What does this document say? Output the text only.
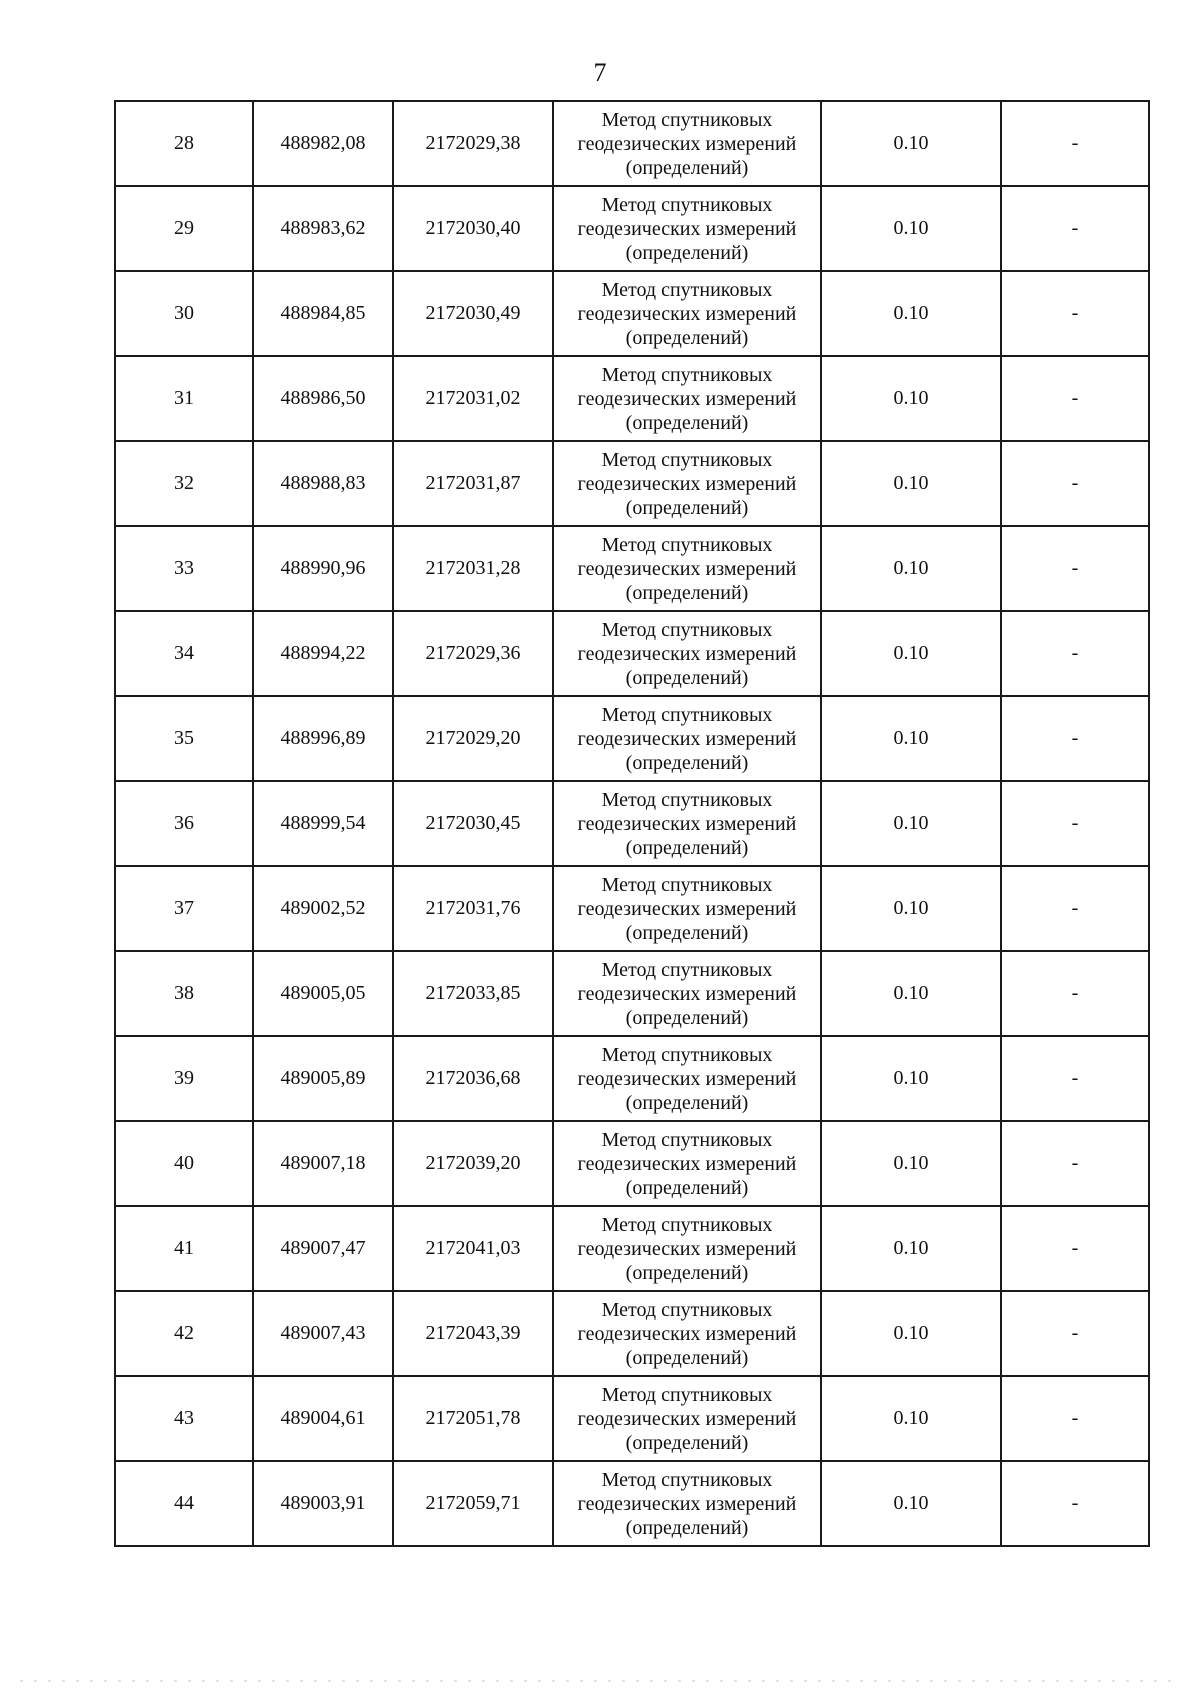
7
28	488982,08	2172029,38	Метод спутниковых
геодезических измерений
(определений)	0.10	-
29	488983,62	2172030,40	Метод спутниковых
геодезических измерений
(определений)	0.10	-
30	488984,85	2172030,49	Метод спутниковых
геодезических измерений
(определений)	0.10	-
31	488986,50	2172031,02	Метод спутниковых
геодезических измерений
(определений)	0.10	-
32	488988,83	2172031,87	Метод спутниковых
геодезических измерений
(определений)	0.10	-
33	488990,96	2172031,28	Метод спутниковых
геодезических измерений
(определений)	0.10	-
34	488994,22	2172029,36	Метод спутниковых
геодезических измерений
(определений)	0.10	-
35	488996,89	2172029,20	Метод спутниковых
геодезических измерений
(определений)	0.10	-
36	488999,54	2172030,45	Метод спутниковых
геодезических измерений
(определений)	0.10	-
37	489002,52	2172031,76	Метод спутниковых
геодезических измерений
(определений)	0.10	-
38	489005,05	2172033,85	Метод спутниковых
геодезических измерений
(определений)	0.10	-
39	489005,89	2172036,68	Метод спутниковых
геодезических измерений
(определений)	0.10	-
40	489007,18	2172039,20	Метод спутниковых
геодезических измерений
(определений)	0.10	-
41	489007,47	2172041,03	Метод спутниковых
геодезических измерений
(определений)	0.10	-
42	489007,43	2172043,39	Метод спутниковых
геодезических измерений
(определений)	0.10	-
43	489004,61	2172051,78	Метод спутниковых
геодезических измерений
(определений)	0.10	-
44	489003,91	2172059,71	Метод спутниковых
геодезических измерений
(определений)	0.10	-
